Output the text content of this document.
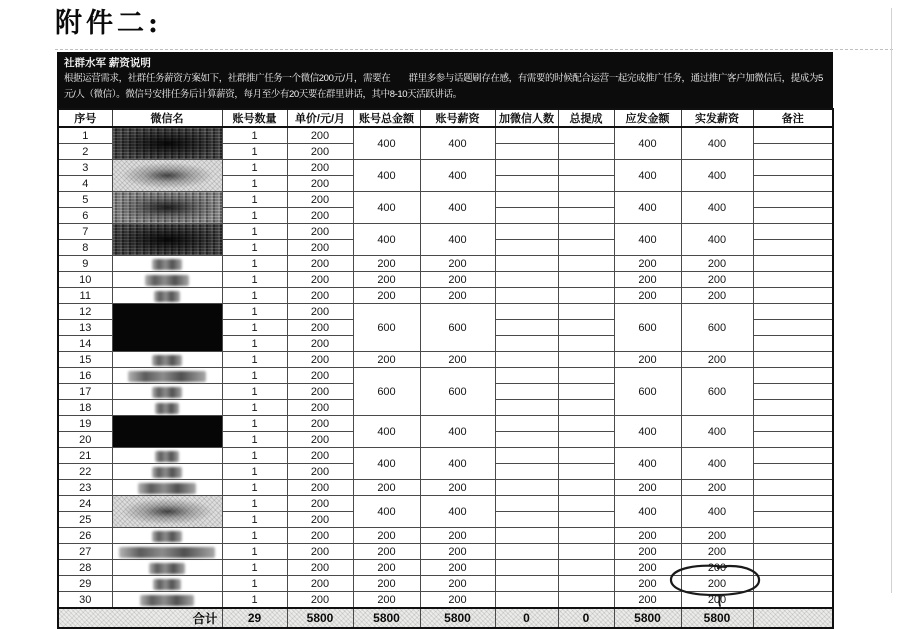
附件二:
社群水军 薪资说明
根据运营需求，社群任务薪资方案如下，社群推广任务一个微信200元/月，需要在　　群里多参与话题刷存在感，有需要的时候配合运营一起完成推广任务，通过推广客户加微信后，提成为5
元/人（微信）。微信号安排任务后计算薪资，每月至少有20天要在群里讲话，其中8-10天活跃讲话。
序号	微信名	账号数量	单价/元/月	账号总金额	账号薪资	加微信人数	总提成	应发金额	实发薪资	备注
1		1	200	400	400			400	400	
2		1	200							
3		1	200	400	400			400	400	
4		1	200							
5		1	200	400	400			400	400	
6		1	200							
7		1	200	400	400			400	400	
8		1	200							
9		1	200	200	200			200	200	
10		1	200	200	200			200	200	
11		1	200	200	200			200	200	
12		1	200	600	600			600	600	
13		1	200							
14		1	200							
15		1	200	200	200			200	200	
16		1	200	600	600			600	600	
17		1	200							
18		1	200							
19		1	200	400	400			400	400	
20		1	200							
21		1	200	400	400			400	400	
22		1	200							
23		1	200	200	200			200	200	
24		1	200	400	400			400	400	
25		1	200							
26		1	200	200	200			200	200	
27		1	200	200	200			200	200	
28		1	200	200	200			200	200	
29		1	200	200	200			200	200	
30		1	200	200	200			200	200	
合计		29	5800	5800	5800	0	0	5800	5800	
